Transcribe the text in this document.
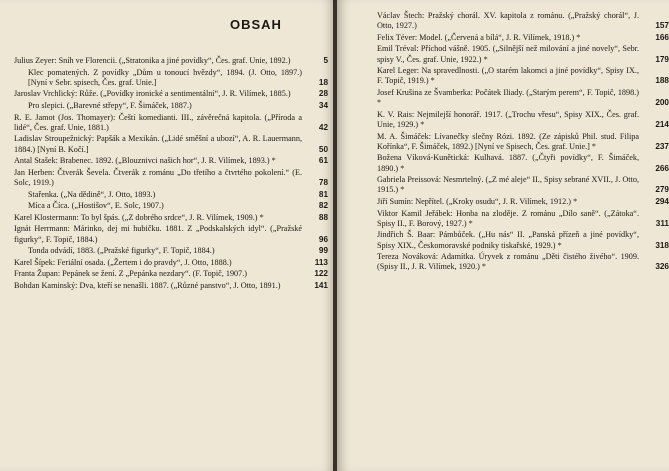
OBSAH
Julius Zeyer: Sníh ve Florencii. („Stratonika a jiné povídky“, Čes. graf. Unie, 1892.)	5
Klec pomatených. Z povídky „Dům u tonoucí hvězdy“, 1894. (J. Otto, 1897.) [Nyní v Sebr. spisech, Čes. graf. Unie.]	18
Jaroslav Vrchlický: Růže. („Povídky ironické a sentimentální“, J. R. Vilímek, 1885.)	28
Pro slepici. („Barevné střepy“, F. Šimáček, 1887.)	34
R. E. Jamot (Jos. Thomayer): Čeští komedianti. III., závěrečná kapitola. („Příroda a lidé“, Čes. graf. Unie, 1881.)	42
Ladislav Stroupežnický: Papšák a Mexikán. („Lidé směšní a ubozí“, A. R. Lauermann, 1884.) [Nyní B. Kočí.]	50
Antal Stašek: Brabenec. 1892. („Blouznivci našich hor“, J. R. Vilímek, 1893.) *	61
Jan Herben: Čtverák Ševela. Čtverák z románu „Do třetího a čtvrtého pokolení.“ (E. Solc, 1919.)	78
Stařenka. („Na dědině“, J. Otto, 1893.)	81
Míca a Číca. („Hostišov“, E. Solc, 1907.)	82
Karel Klostermann: To byl špás. („Z dobrého srdce“, J. R. Vilímek, 1909.) *	88
Ignát Herrmann: Márinko, dej mi hubičku. 1881. Z „Podskalských idyl“. („Pražské figurky“, F. Topič, 1884.)	96
Tonda odvádí, 1883. („Pražské figurky“, F. Topič, 1884.)	99
Karel Šípek: Feriální osada. („Žertem i do pravdy“, J. Otto, 1888.)	113
Franta Župan: Pepánek se žení. Z „Pepánka nezdary“. (F. Topič, 1907.)	122
Bohdan Kaminský: Dva, kteří se nenašli. 1887. („Různé panstvo“, J. Otto, 1891.)	141
Václav Štech: Pražský chorál. XV. kapitola z románu. („Pražský chorál“, J. Otto, 1927.)	157
Felix Téver: Model. („Červená a bílá“, J. R. Vilímek, 1918.) *	166
Emil Tréval: Příchod vášně. 1905. („Silnější než milování a jiné novely“, Sebr. spisy V., Čes. graf. Unie, 1922.) *	179
Karel Leger: Na spravedlnosti. („O starém lakomci a jiné povídky“, Spisy IX., F. Topič, 1919.) *	188
Josef Krušina ze Švamberka: Počátek Iliady. („Starým perem“, F. Topič, 1898.) *	200
K. V. Rais: Nejmilejší honorář. 1917. („Trochu vřesu“, Spisy XIX., Čes. graf. Unie, 1929.) *	214
M. A. Šimáček: Lívanečky slečny Rózi. 1892. (Ze zápisků Phil. stud. Filipa Kořínka“, F. Šimáček, 1892.) [Nyní ve Spisech, Čes. graf. Unie.] *	237
Božena Víková-Kunětická: Kulhavá. 1887. („Čtyři povídky“, F. Šimáček, 1890.) *	266
Gabriela Preissová: Nesmrtelný. („Z mé aleje“ II., Spisy sebrané XVII., J. Otto, 1915.) *	279
Jiří Sumín: Nepřítel. („Kroky osudu“, J. R. Vilímek, 1912.) *	294
Viktor Kamil Jeřábek: Honba na zloděje. Z románu „Dílo saně“. („Zátoka“. Spisy II., F. Borový, 1927.) *	311
Jindřich Š. Baar: Pámbůček. („Hu nás“ II. „Panská přízeň a jiné povídky“, Spisy XIX., Českomoravské podniky tiskařské, 1929.) *	318
Tereza Nováková: Adamítka. Úryvek z románu „Děti čistého živého“. 1909. (Spisy II., J. R. Vilímek, 1920.) *	326
